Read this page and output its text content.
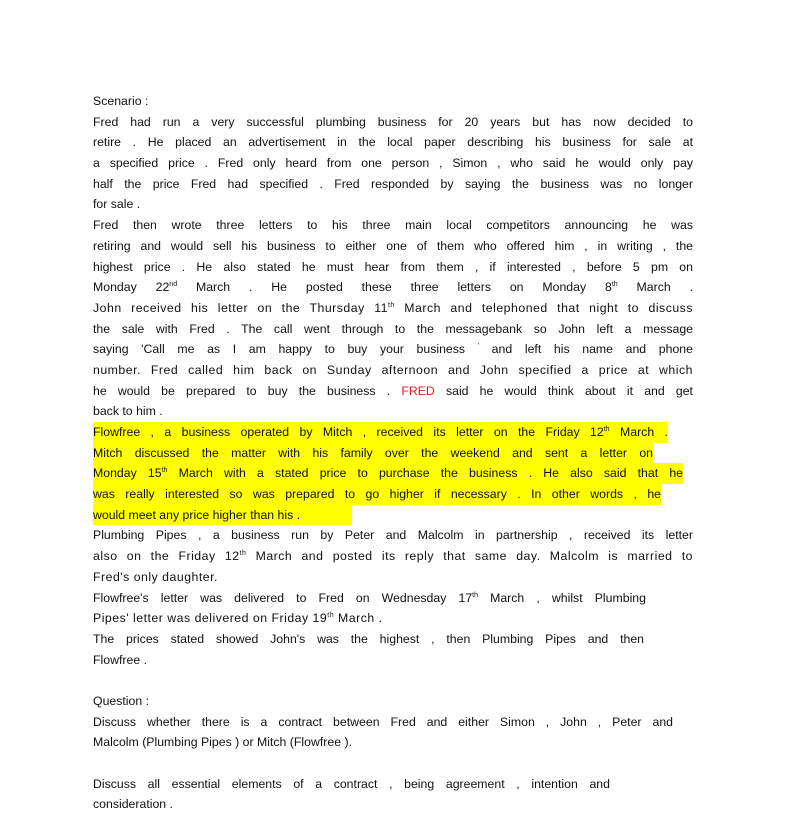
Scenario :
Fred had run a very successful plumbing business for 20 years but has now decided to
retire . He placed an advertisement in the local paper describing his business for sale at
a specified price . Fred only heard from one person , Simon , who said he would only pay
half the price Fred had specified . Fred responded by saying the business was no longer
for sale .
Fred then wrote three letters to his three main local competitors announcing he was
retiring and would sell his business to either one of them who offered him , in writing , the
highest price . He also stated he must hear from them , if interested , before 5 pm on
Monday 22nd March . He posted these three letters on Monday 8th March .
John received his letter on the Thursday 11th March and telephoned that night to discuss
the sale with Fred . The call went through to the messagebank so John left a message
saying 'Call me as I am happy to buy your business ' and left his name and phone
number. Fred called him back on Sunday afternoon and John specified a price at which
he would be prepared to buy the business . FRED said he would think about it and get
back to him .
Flowfree , a business operated by Mitch , received its letter on the Friday 12th March .
Mitch discussed the matter with his family over the weekend and sent a letter on
Monday 15th March with a stated price to purchase the business . He also said that he
was really interested so was prepared to go higher if necessary . In other words , he
would meet any price higher than his .
Plumbing Pipes , a business run by Peter and Malcolm in partnership , received its letter
also on the Friday 12th March and posted its reply that same day. Malcolm is married to
Fred's only daughter.
Flowfree's letter was delivered to Fred on Wednesday 17th March , whilst Plumbing
Pipes' letter was delivered on Friday 19th March .
The prices stated showed John's was the highest , then Plumbing Pipes and then
Flowfree .
Question :
Discuss whether there is a contract between Fred and either Simon , John , Peter and
Malcolm (Plumbing Pipes ) or Mitch (Flowfree ).
Discuss all essential elements of a contract , being agreement , intention and
consideration .
